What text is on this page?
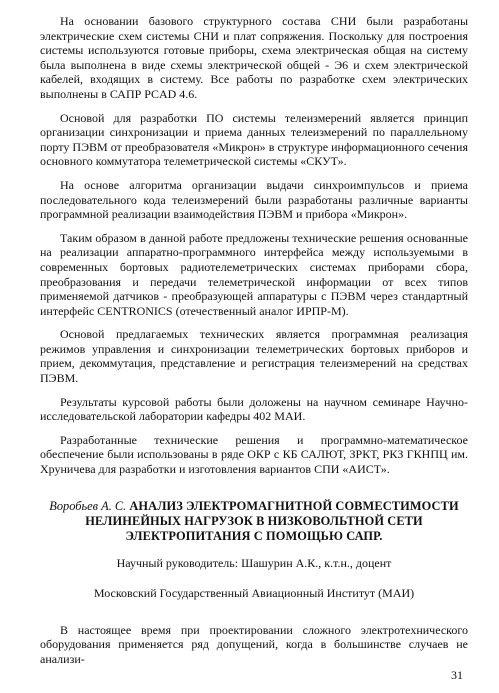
На основании базового структурного состава СНИ были разработаны электрические схем системы СНИ и плат сопряжения. Поскольку для построения системы используются готовые приборы, схема электрическая общая на систему была выполнена в виде схемы электрической общей - Э6 и схем электрической кабелей, входящих в систему. Все работы по разработке схем электрических выполнены в САПР PCAD 4.6.

Основой для разработки ПО системы телеизмерений является принцип организации синхронизации и приема данных телеизмерений по параллельному порту ПЭВМ от преобразователя «Микрон» в структуре информационного сечения основного коммутатора телеметрической системы «СКУТ».

На основе алгоритма организации выдачи синхроимпульсов и приема последовательного кода телеизмерений были разработаны различные варианты программной реализации взаимодействия ПЭВМ и прибора «Микрон».

Таким образом в данной работе предложены технические решения основанные на реализации аппаратно-программного интерфейса между используемыми в современных бортовых радиотелеметрических системах приборами сбора, преобразования и передачи телеметрической информации от всех типов применяемой датчиков - преобразующей аппаратуры с ПЭВМ через стандартный интерфейс CENTRONICS (отечественный аналог ИРПР-М).

Основой предлагаемых технических является программная реализация режимов управления и синхронизации телеметрических бортовых приборов и прием, декоммутация, представление и регистрация телеизмерений на средствах ПЭВМ.

Результаты курсовой работы были доложены на научном семинаре Научно-исследовательской лаборатории кафедры 402 МАИ.

Разработанные технические решения и программно-математическое обеспечение были использованы в ряде ОКР с КБ САЛЮТ, ЗРКТ, РКЗ ГКНПЦ им. Хруничева для разработки и изготовления вариантов СПИ «АИСТ».

Воробьев А. С. АНАЛИЗ ЭЛЕКТРОМАГНИТНОЙ СОВМЕСТИМОСТИ
НЕЛИНЕЙНЫХ НАГРУЗОК В НИЗКОВОЛЬТНОЙ СЕТИ
ЭЛЕКТРОПИТАНИЯ С ПОМОЩЬЮ САПР.

Научный руководитель: Шашурин А.К., к.т.н., доцент

Московский Государственный Авиационный Институт (МАИ)

В настоящее время при проектировании сложного электротехнического оборудования применяется ряд допущений, когда в большинстве случаев не анализи-

31
